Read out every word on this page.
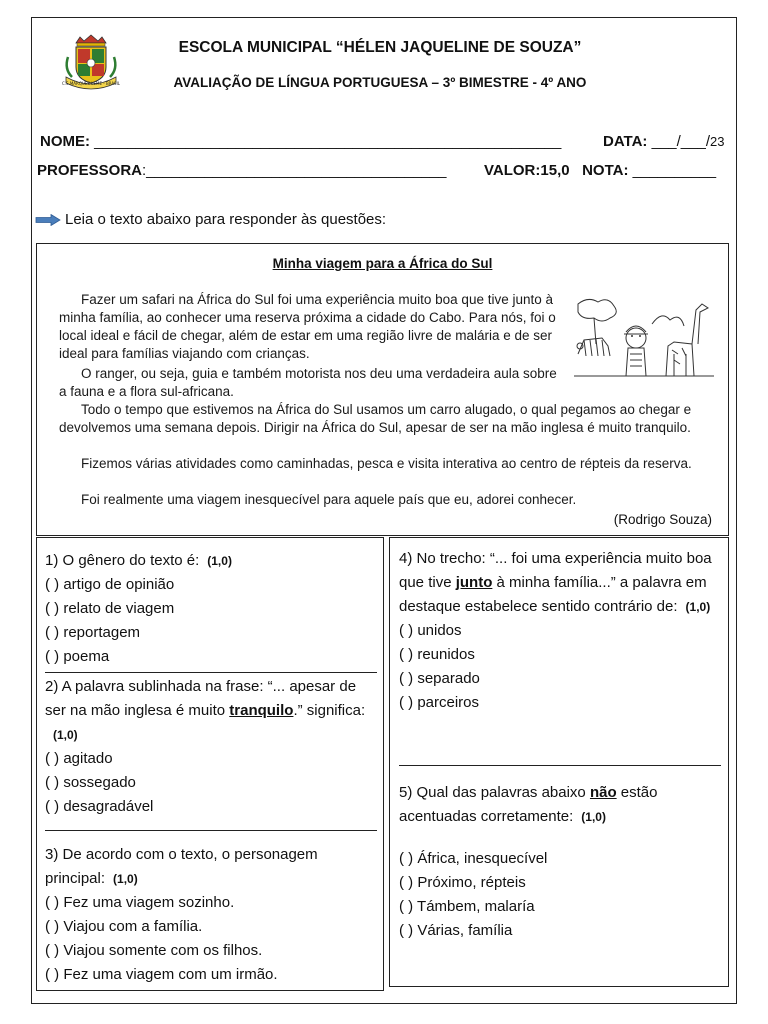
C.S.MARQUES LEME - BRASIL
ESCOLA MUNICIPAL “HÉLEN JAQUELINE DE SOUZA”
AVALIAÇÃO DE LÍNGUA PORTUGUESA – 3º BIMESTRE - 4º ANO
NOME: ________________________________________________________	DATA: ___/___/23
PROFESSORA:____________________________________ VALOR:15,0 NOTA: __________
Leia o texto abaixo para responder às questões:
Minha viagem para a África do Sul
Fazer um safari na África do Sul foi uma experiência muito boa que tive junto à minha família, ao conhecer uma reserva próxima a cidade do Cabo. Para nós, foi o local ideal e fácil de chegar, além de estar em uma região livre de malária e de ser ideal para famílias viajando com crianças.
O ranger, ou seja, guia e também motorista nos deu uma verdadeira aula sobre a fauna e a flora sul-africana.
Todo o tempo que estivemos na África do Sul usamos um carro alugado, o qual pegamos ao chegar e devolvemos uma semana depois. Dirigir na África do Sul, apesar de ser na mão inglesa é muito tranquilo.
Fizemos várias atividades como caminhadas, pesca e visita interativa ao centro de répteis da reserva.
Foi realmente uma viagem inesquecível para aquele país que eu, adorei conhecer.
(Rodrigo Souza)
1) O gênero do texto é: (1,0)
( ) artigo de opinião
( ) relato de viagem
( ) reportagem
( ) poema
2) A palavra sublinhada na frase: “... apesar de ser na mão inglesa é muito tranquilo.” significa:(1,0)
( ) agitado
( ) sossegado
( ) desagradável
3) De acordo com o texto, o personagem principal: (1,0)
( ) Fez uma viagem sozinho.
( ) Viajou com a família.
( ) Viajou somente com os filhos.
( ) Fez uma viagem com um irmão.
4) No trecho: “... foi uma experiência muito boa que tive junto à minha família...” a palavra em destaque estabelece sentido contrário de: (1,0)
( ) unidos
( ) reunidos
( ) separado
( ) parceiros
5) Qual das palavras abaixo não estão acentuadas corretamente: (1,0)
( ) África, inesquecível
( ) Próximo, répteis
( ) Támbem, malaría
( ) Várias, família
